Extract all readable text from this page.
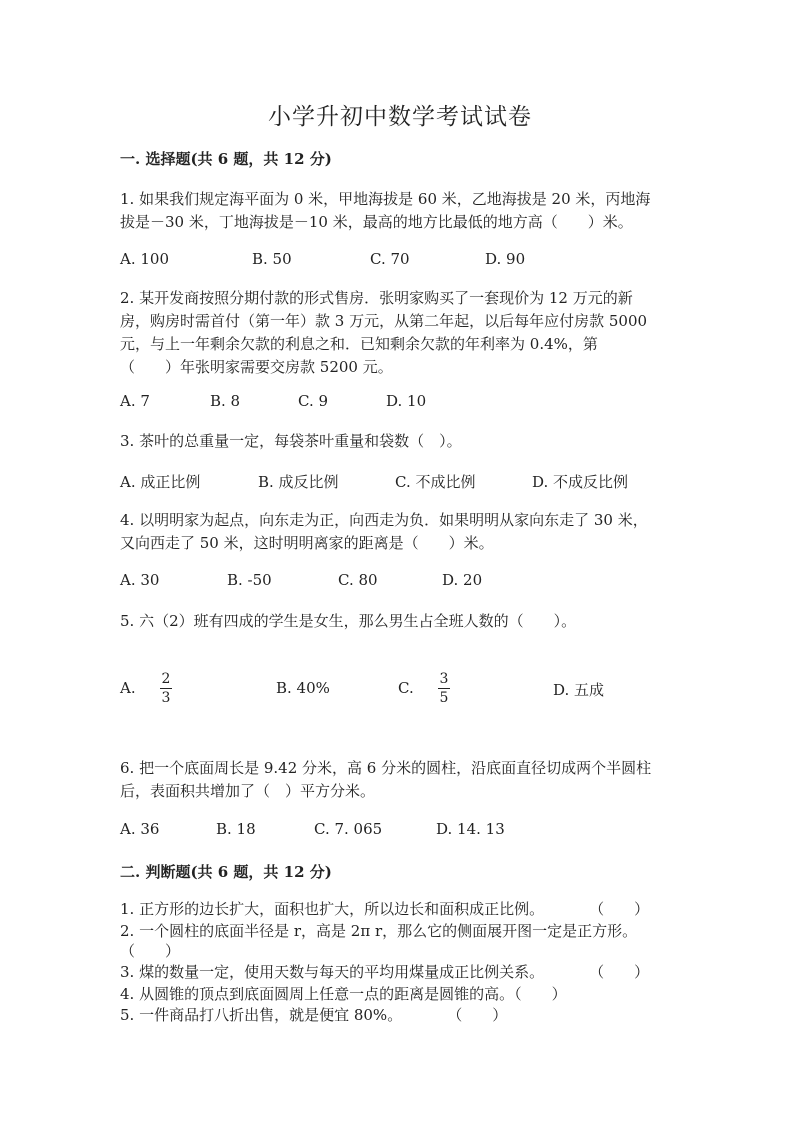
小学升初中数学考试试卷
一. 选择题(共 6 题，共 12 分)
1. 如果我们规定海平面为 0 米，甲地海拔是 60 米，乙地海拔是 20 米，丙地海
拔是－30 米，丁地海拔是－10 米，最高的地方比最低的地方高（　　）米。
A. 100	B. 50	C. 70	D. 90
2. 某开发商按照分期付款的形式售房．张明家购买了一套现价为 12 万元的新
房，购房时需首付（第一年）款 3 万元，从第二年起，以后每年应付房款 5000
元，与上一年剩余欠款的利息之和．已知剩余欠款的年利率为 0.4%，第
（　　）年张明家需要交房款 5200 元。
A. 7	B. 8	C. 9	D. 10
3. 茶叶的总重量一定，每袋茶叶重量和袋数（　）。
A. 成正比例	B. 成反比例	C. 不成比例	D. 不成反比例
4. 以明明家为起点，向东走为正，向西走为负．如果明明从家向东走了 30 米，
又向西走了 50 米，这时明明离家的距离是（　　）米。
A. 30	B. -50	C. 80	D. 20
5. 六（2）班有四成的学生是女生，那么男生占全班人数的（　　）。
A. 2
3
B. 40%	C. 3
5	D. 五成
6. 把一个底面周长是 9.42 分米，高 6 分米的圆柱，沿底面直径切成两个半圆柱
后，表面积共增加了（　）平方分米。
A. 36	B. 18	C. 7. 065	D. 14. 13
二. 判断题(共 6 题，共 12 分)
1. 正方形的边长扩大，面积也扩大，所以边长和面积成正比例。　　　　（　　）
2. 一个圆柱的底面半径是 r，高是 2π r，那么它的侧面展开图一定是正方形。
（　　）
3. 煤的数量一定，使用天数与每天的平均用煤量成正比例关系。　　　　（　　）
4. 从圆锥的顶点到底面圆周上任意一点的距离是圆锥的高。（　　）
5. 一件商品打八折出售，就是便宜 80%。　　　　（　　）
